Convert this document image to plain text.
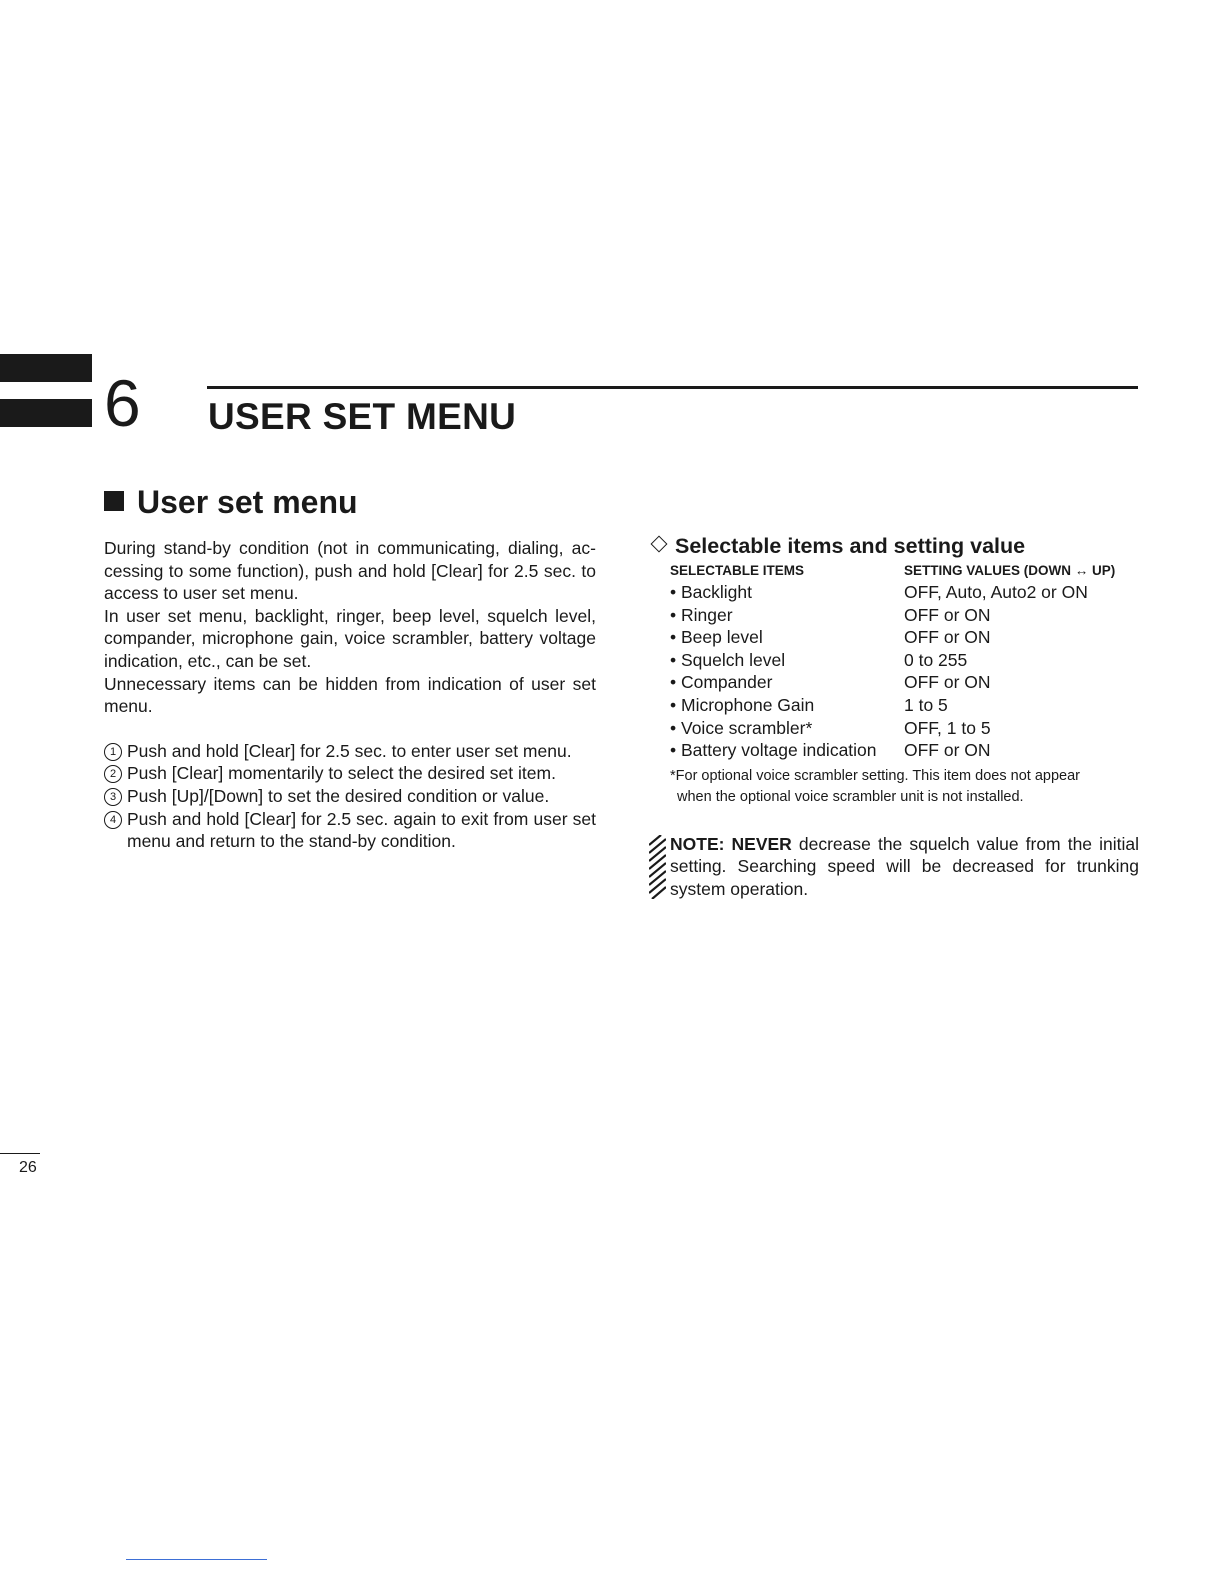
6 USER SET MENU
User set menu

During stand-by condition (not in communicating, dialing, accessing to some function), push and hold [Clear] for 2.5 sec. to access to user set menu.

In user set menu, backlight, ringer, beep level, squelch level, compander, microphone gain, voice scrambler, battery voltage indication, etc., can be set.

Unnecessary items can be hidden from indication of user set menu.

1 Push and hold [Clear] for 2.5 sec. to enter user set menu.
2 Push [Clear] momentarily to select the desired set item.
3 Push [Up]/[Down] to set the desired condition or value.
4 Push and hold [Clear] for 2.5 sec. again to exit from user set menu and return to the stand-by condition.
Selectable items and setting value
SELECTABLE ITEMS	SETTING VALUES (DOWN ↔ UP)
• Backlight	OFF, Auto, Auto2 or ON
• Ringer	OFF or ON
• Beep level	OFF or ON
• Squelch level	0 to 255
• Compander	OFF or ON
• Microphone Gain	1 to 5
• Voice scrambler*	OFF, 1 to 5
• Battery voltage indication	OFF or ON
*For optional voice scrambler setting. This item does not appear
when the optional voice scrambler unit is not installed.
NOTE: NEVER decrease the squelch value from the initial setting. Searching speed will be decreased for trunking system operation.
26
